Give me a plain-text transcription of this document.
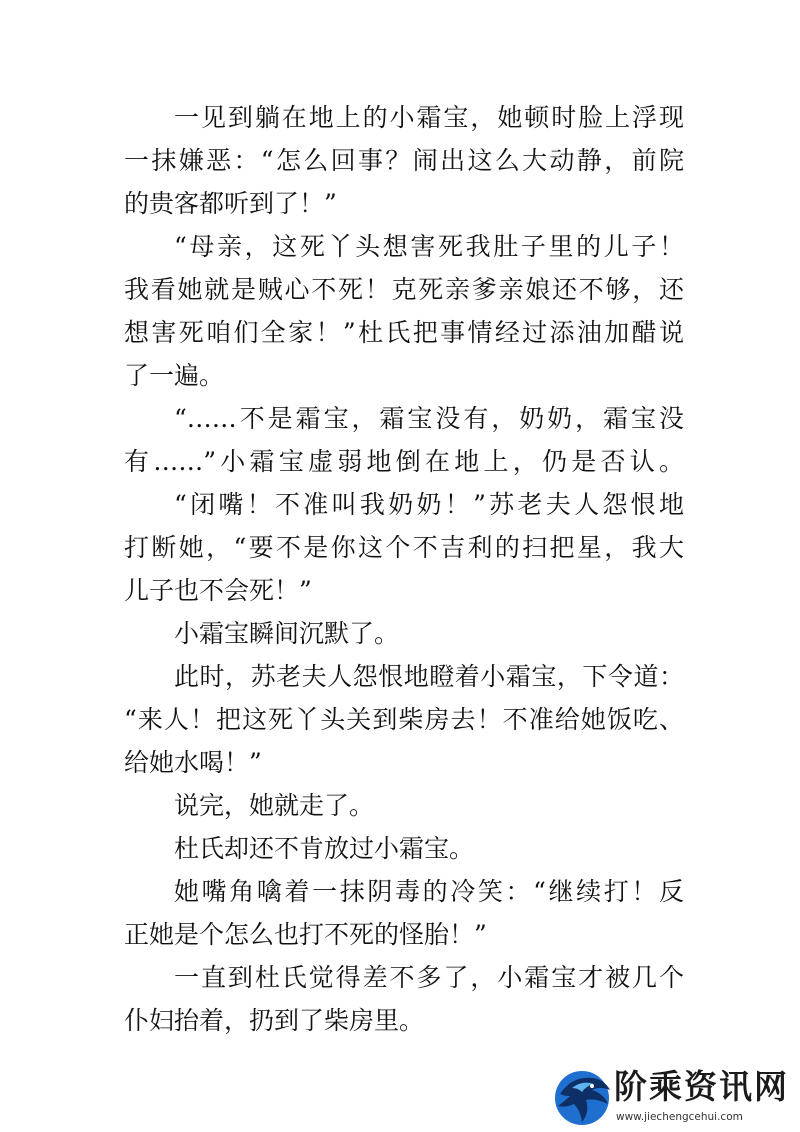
一见到躺在地上的小霜宝，她顿时脸上浮现
一抹嫌恶：“怎么回事？闹出这么大动静，前院
的贵客都听到了！”
“母亲，这死丫头想害死我肚子里的儿子！
我看她就是贼心不死！克死亲爹亲娘还不够，还
想害死咱们全家！”杜氏把事情经过添油加醋说
了一遍。
“……不是霜宝，霜宝没有，奶奶，霜宝没
有……”小霜宝虚弱地倒在地上，仍是否认。
“闭嘴！不准叫我奶奶！”苏老夫人怨恨地
打断她，“要不是你这个不吉利的扫把星，我大
儿子也不会死！”
小霜宝瞬间沉默了。
此时，苏老夫人怨恨地瞪着小霜宝，下令道：
“来人！把这死丫头关到柴房去！不准给她饭吃、
给她水喝！”
说完，她就走了。
杜氏却还不肯放过小霜宝。
她嘴角噙着一抹阴毒的冷笑：“继续打！反
正她是个怎么也打不死的怪胎！”
一直到杜氏觉得差不多了，小霜宝才被几个
仆妇抬着，扔到了柴房里。
阶乘资讯网
www.jiechengcehui.com
